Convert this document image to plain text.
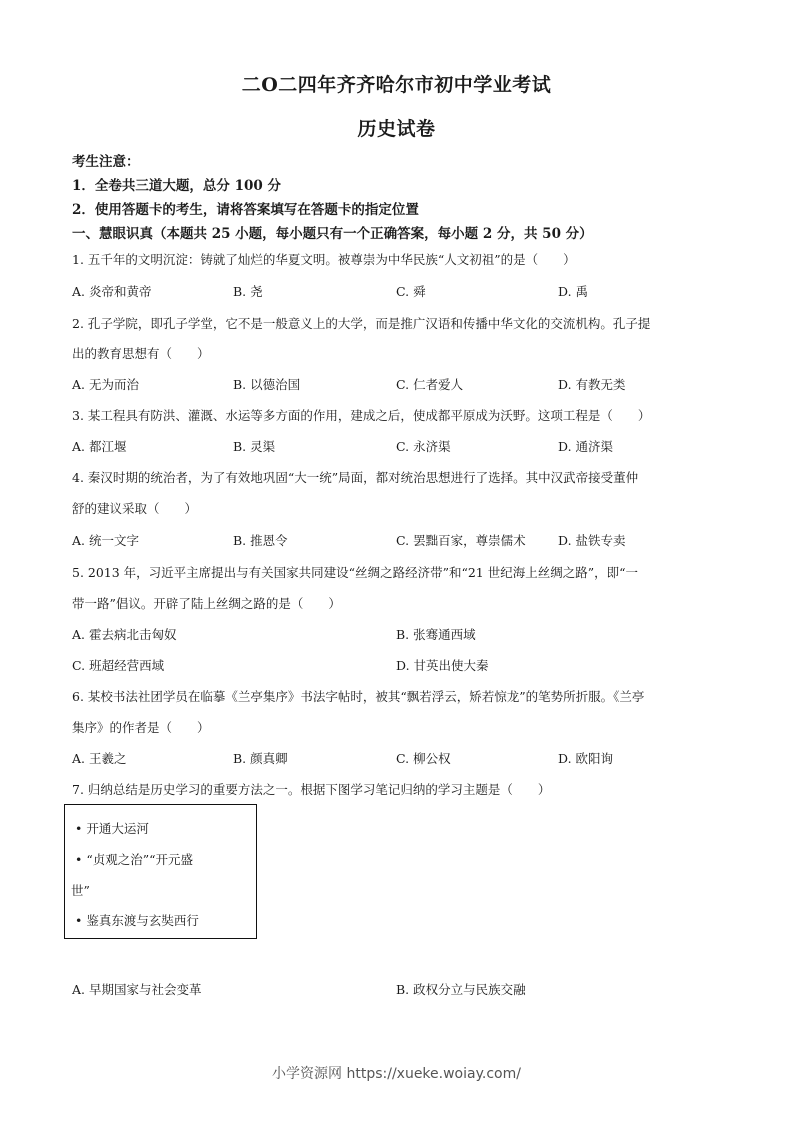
二O二四年齐齐哈尔市初中学业考试
历史试卷
考生注意：
1．全卷共三道大题，总分 100 分
2．使用答题卡的考生，请将答案填写在答题卡的指定位置
一、慧眼识真（本题共 25 小题，每小题只有一个正确答案，每小题 2 分，共 50 分）
1. 五千年的文明沉淀：铸就了灿烂的华夏文明。被尊崇为中华民族“人文初祖”的是（　　）
A. 炎帝和黄帝	B. 尧	C. 舜	D. 禹
2. 孔子学院，即孔子学堂，它不是一般意义上的大学，而是推广汉语和传播中华文化的交流机构。孔子提
出的教育思想有（　　）
A. 无为而治	B. 以德治国	C. 仁者爱人	D. 有教无类
3. 某工程具有防洪、灌溉、水运等多方面的作用，建成之后，使成都平原成为沃野。这项工程是（　　）
A. 都江堰	B. 灵渠	C. 永济渠	D. 通济渠
4. 秦汉时期的统治者，为了有效地巩固“大一统”局面，都对统治思想进行了选择。其中汉武帝接受董仲
舒的建议采取（　　）
A. 统一文字	B. 推恩令	C. 罢黜百家，尊崇儒术	D. 盐铁专卖
5. 2013 年，习近平主席提出与有关国家共同建设“丝绸之路经济带”和“21 世纪海上丝绸之路”，即“一
带一路”倡议。开辟了陆上丝绸之路的是（　　）
A. 霍去病北击匈奴	B. 张骞通西域
C. 班超经营西域	D. 甘英出使大秦
6. 某校书法社团学员在临摹《兰亭集序》书法字帖时，被其“飘若浮云，矫若惊龙”的笔势所折服。《兰亭
集序》的作者是（　　）
A. 王羲之	B. 颜真卿	C. 柳公权	D. 欧阳询
7. 归纳总结是历史学习的重要方法之一。根据下图学习笔记归纳的学习主题是（　　）
• 开通大运河
• “贞观之治”“开元盛
世”
• 鉴真东渡与玄奘西行
A. 早期国家与社会变革	B. 政权分立与民族交融
小学资源网 https://xueke.woiay.com/
